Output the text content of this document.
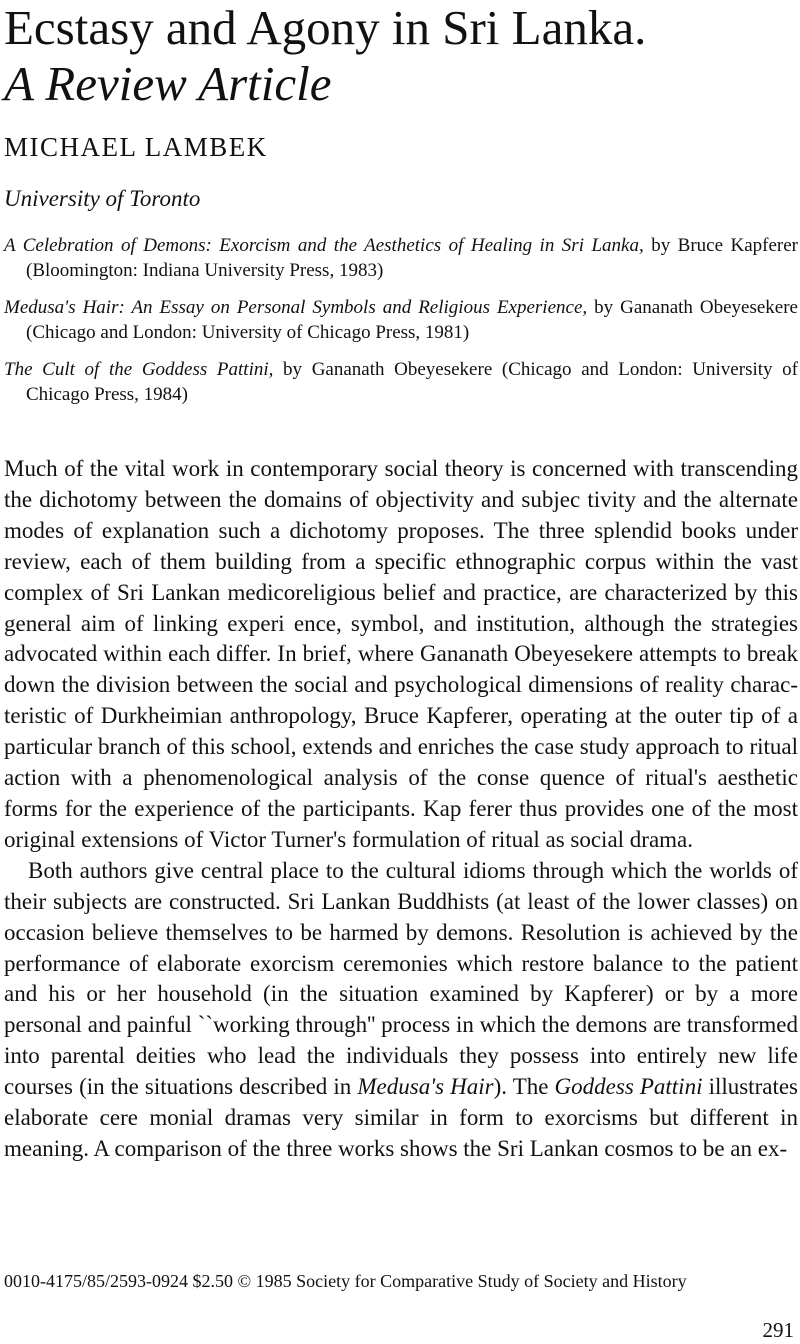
Ecstasy and Agony in Sri Lanka.
A Review Article
MICHAEL LAMBEK
University of Toronto

A Celebration of Demons: Exorcism and the Aesthetics of Healing in Sri Lanka, by Bruce Kapferer (Bloomington: Indiana University Press, 1983)

Medusa's Hair: An Essay on Personal Symbols and Religious Experience, by Gananath Obeyesekere (Chicago and London: University of Chicago Press, 1981)

The Cult of the Goddess Pattini, by Gananath Obeyesekere (Chicago and London: University of Chicago Press, 1984)

Much of the vital work in contemporary social theory is concerned with transcending the dichotomy between the domains of objectivity and subjec tivity and the alternate modes of explanation such a dichotomy proposes. The three splendid books under review, each of them building from a specific ethnographic corpus within the vast complex of Sri Lankan medicoreligious belief and practice, are characterized by this general aim of linking experi ence, symbol, and institution, although the strategies advocated within each differ. In brief, where Gananath Obeyesekere attempts to break down the division between the social and psychological dimensions of reality charac teristic of Durkheimian anthropology, Bruce Kapferer, operating at the outer tip of a particular branch of this school, extends and enriches the case study approach to ritual action with a phenomenological analysis of the conse quence of ritual's aesthetic forms for the experience of the participants. Kap ferer thus provides one of the most original extensions of Victor Turner's formulation of ritual as social drama.

Both authors give central place to the cultural idioms through which the worlds of their subjects are constructed. Sri Lankan Buddhists (at least of the lower classes) on occasion believe themselves to be harmed by demons. Resolution is achieved by the performance of elaborate exorcism ceremonies which restore balance to the patient and his or her household (in the situation examined by Kapferer) or by a more personal and painful ``working through'' process in which the demons are transformed into parental deities who lead the individuals they possess into entirely new life courses (in the situations described in Medusa's Hair). The Goddess Pattini illustrates elaborate cere monial dramas very similar in form to exorcisms but different in meaning. A comparison of the three works shows the Sri Lankan cosmos to be an ex-

0010-4175/85/2593-0924 $2.50 © 1985 Society for Comparative Study of Society and History
291
